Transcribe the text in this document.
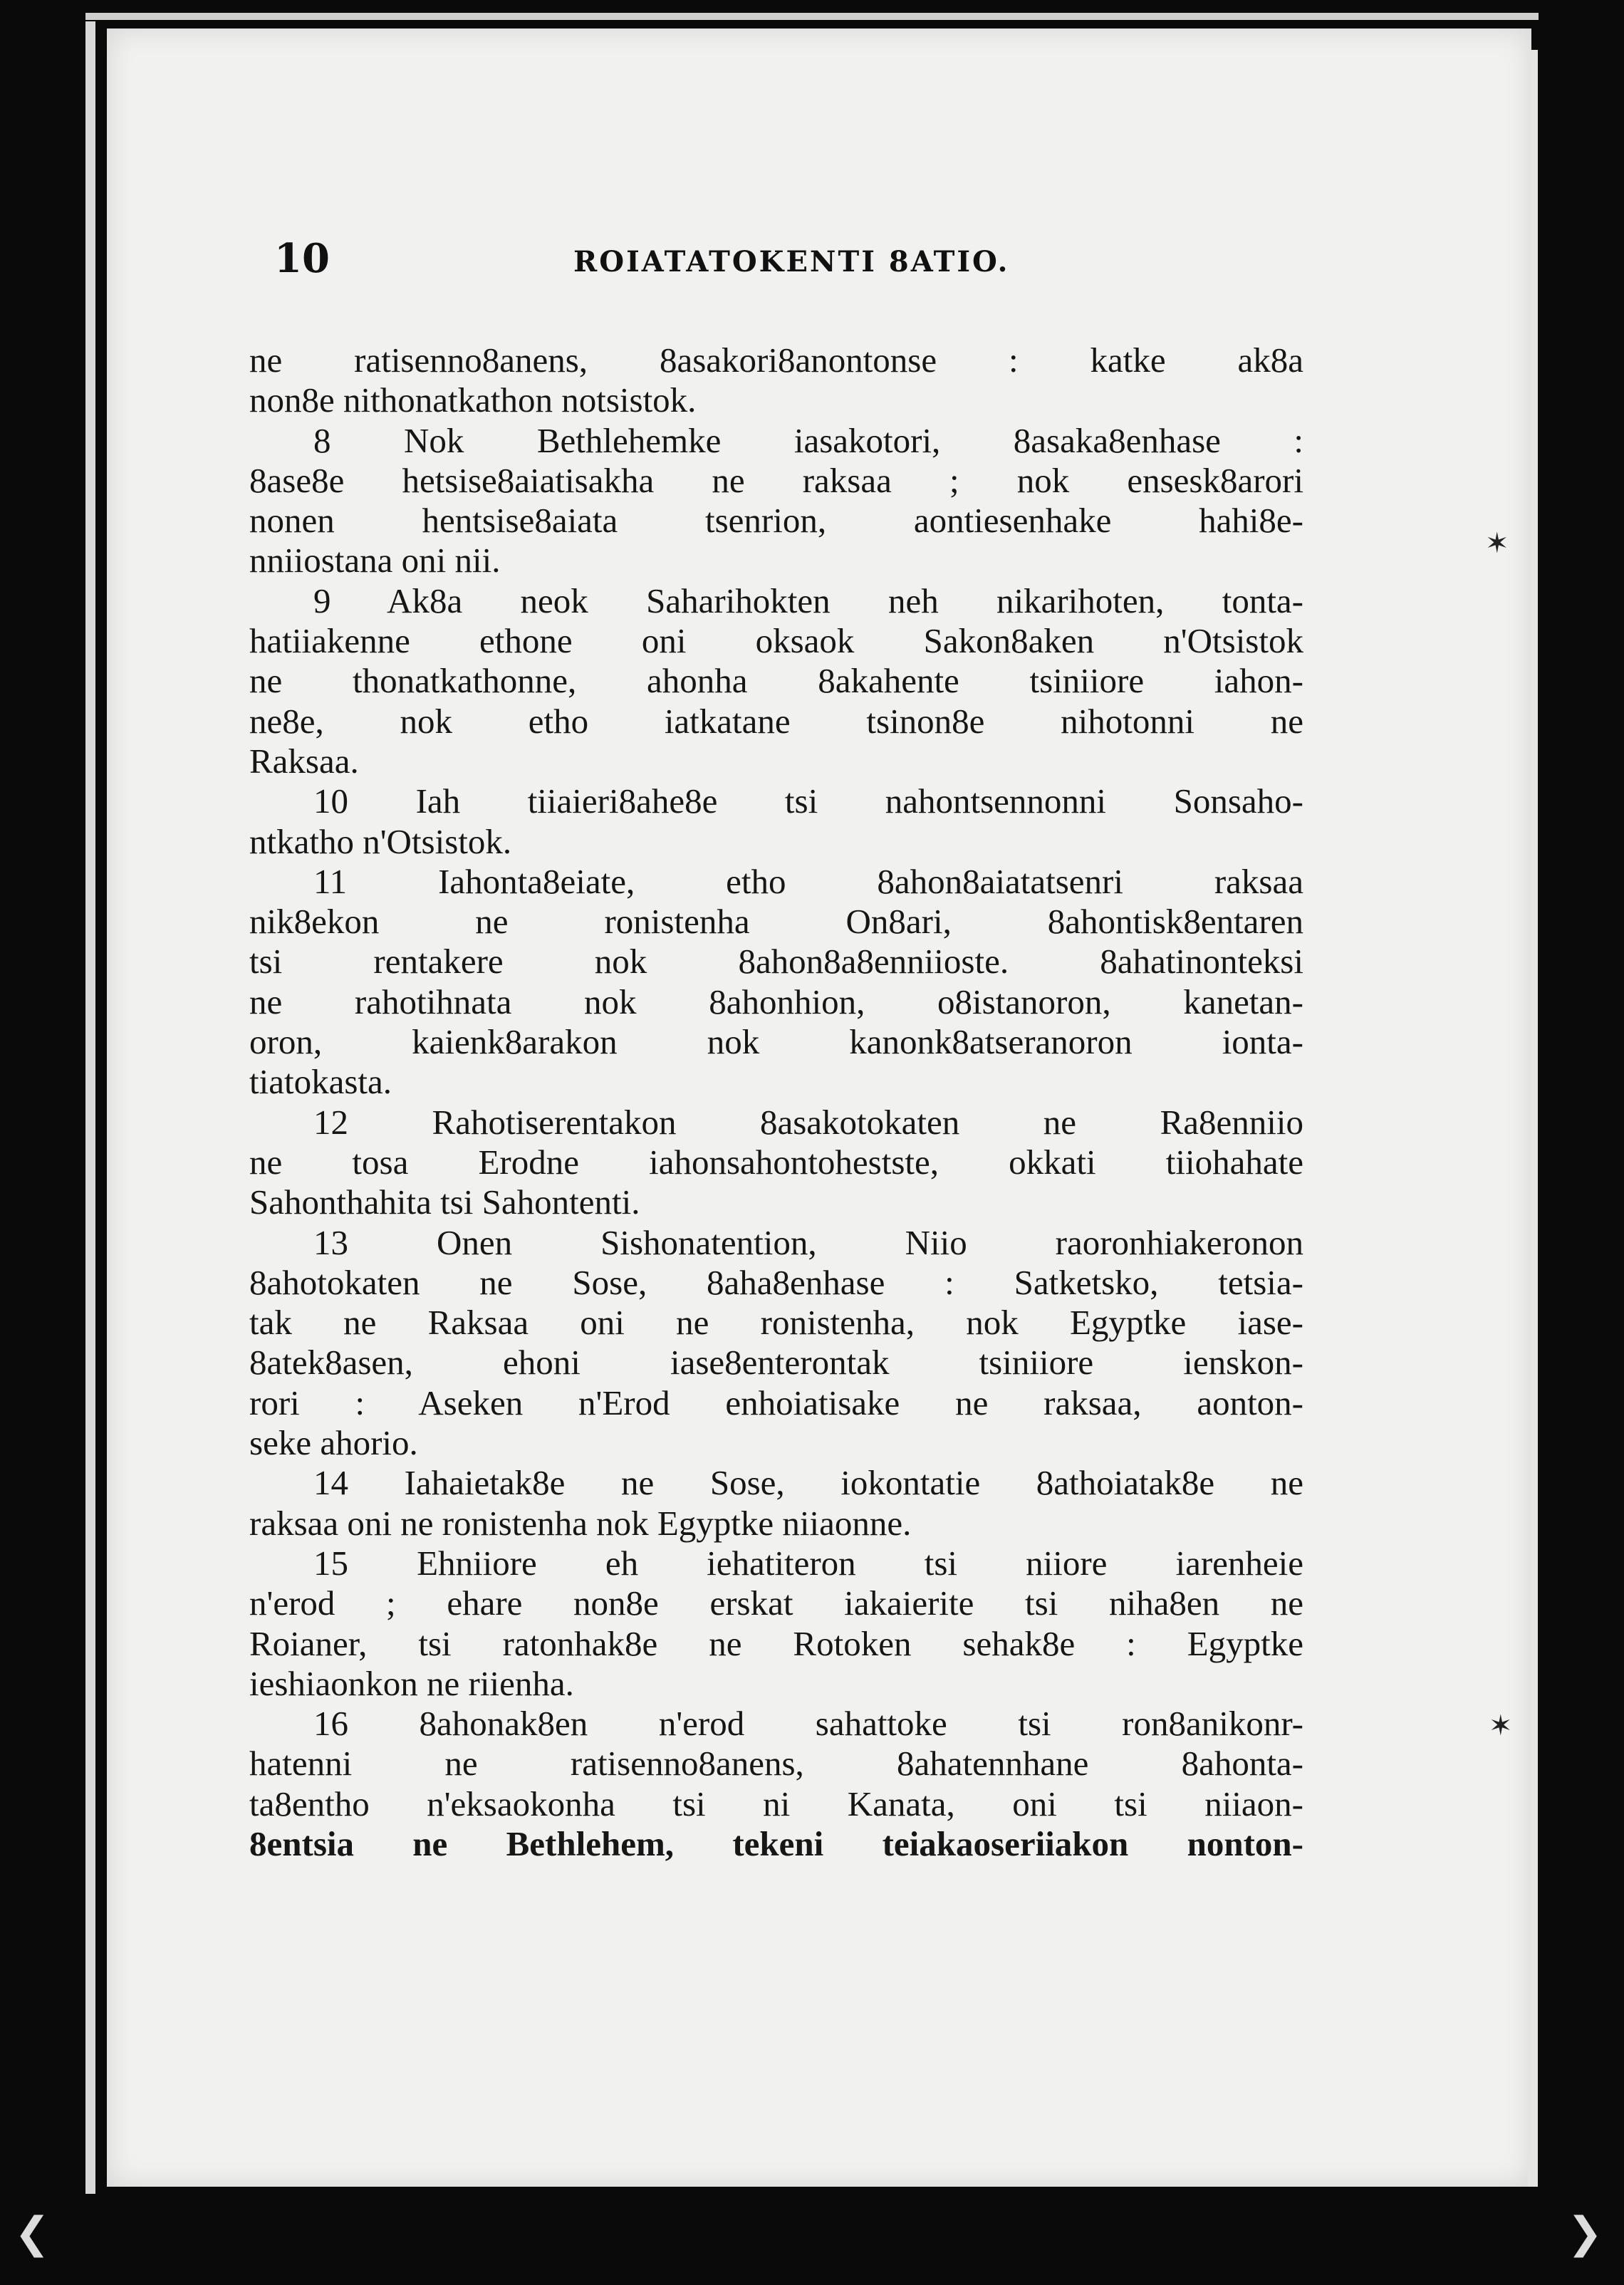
10	ROIATATOKENTI 8ATIO.
ne ratisenno8anens, 8asakori8anontonse : katke ak8a
non8e nithonatkathon notsistok.
8 Nok Bethlehemke iasakotori, 8asaka8enhase :
8ase8e hetsise8aiatisakha ne raksaa ; nok ensesk8arori
nonen hentsise8aiata tsenrion, aontiesenhake hahi8e-
nniiostana oni nii.
9 Ak8a neok Saharihokten neh nikarihoten, tonta-
hatiiakenne ethone oni oksaok Sakon8aken n'Otsistok
ne thonatkathonne, ahonha 8akahente tsiniiore iahon-
ne8e, nok etho iatkatane tsinon8e nihotonni ne
Raksaa.
10 Iah tiiaieri8ahe8e tsi nahontsennonni Sonsaho-
ntkatho n'Otsistok.
11 Iahonta8eiate, etho 8ahon8aiatatsenri raksaa
nik8ekon ne ronistenha On8ari, 8ahontisk8entaren
tsi rentakere nok 8ahon8a8enniioste. 8ahatinonteksi
ne rahotihnata nok 8ahonhion, o8istanoron, kanetan-
oron, kaienk8arakon nok kanonk8atseranoron ionta-
tiatokasta.
12 Rahotiserentakon 8asakotokaten ne Ra8enniio
ne tosa Erodne iahonsahontohestste, okkati tiiohahate
Sahonthahita tsi Sahontenti.
13 Onen Sishonatention, Niio raoronhiakeronon
8ahotokaten ne Sose, 8aha8enhase : Satketsko, tetsia-
tak ne Raksaa oni ne ronistenha, nok Egyptke iase-
8atek8asen, ehoni iase8enterontak tsiniiore ienskon-
rori : Aseken n'Erod enhoiatisake ne raksaa, aonton-
seke ahorio.
14 Iahaietak8e ne Sose, iokontatie 8athoiatak8e ne
raksaa oni ne ronistenha nok Egyptke niiaonne.
15 Ehniiore eh iehatiteron tsi niiore iarenheie
n'erod ; ehare non8e erskat iakaierite tsi niha8en ne
Roianer, tsi ratonhak8e ne Rotoken sehak8e : Egyptke
ieshiaonkon ne riienha.
16 8ahonak8en n'erod sahattoke tsi ron8anikonr-
hatenni ne ratisenno8anens, 8ahatennhane 8ahonta-
ta8entho n'eksaokonha tsi ni Kanata, oni tsi niiaon-
8entsia ne Bethlehem, tekeni teiakaoseriiakon nonton-
✶
✶
❮	❯
